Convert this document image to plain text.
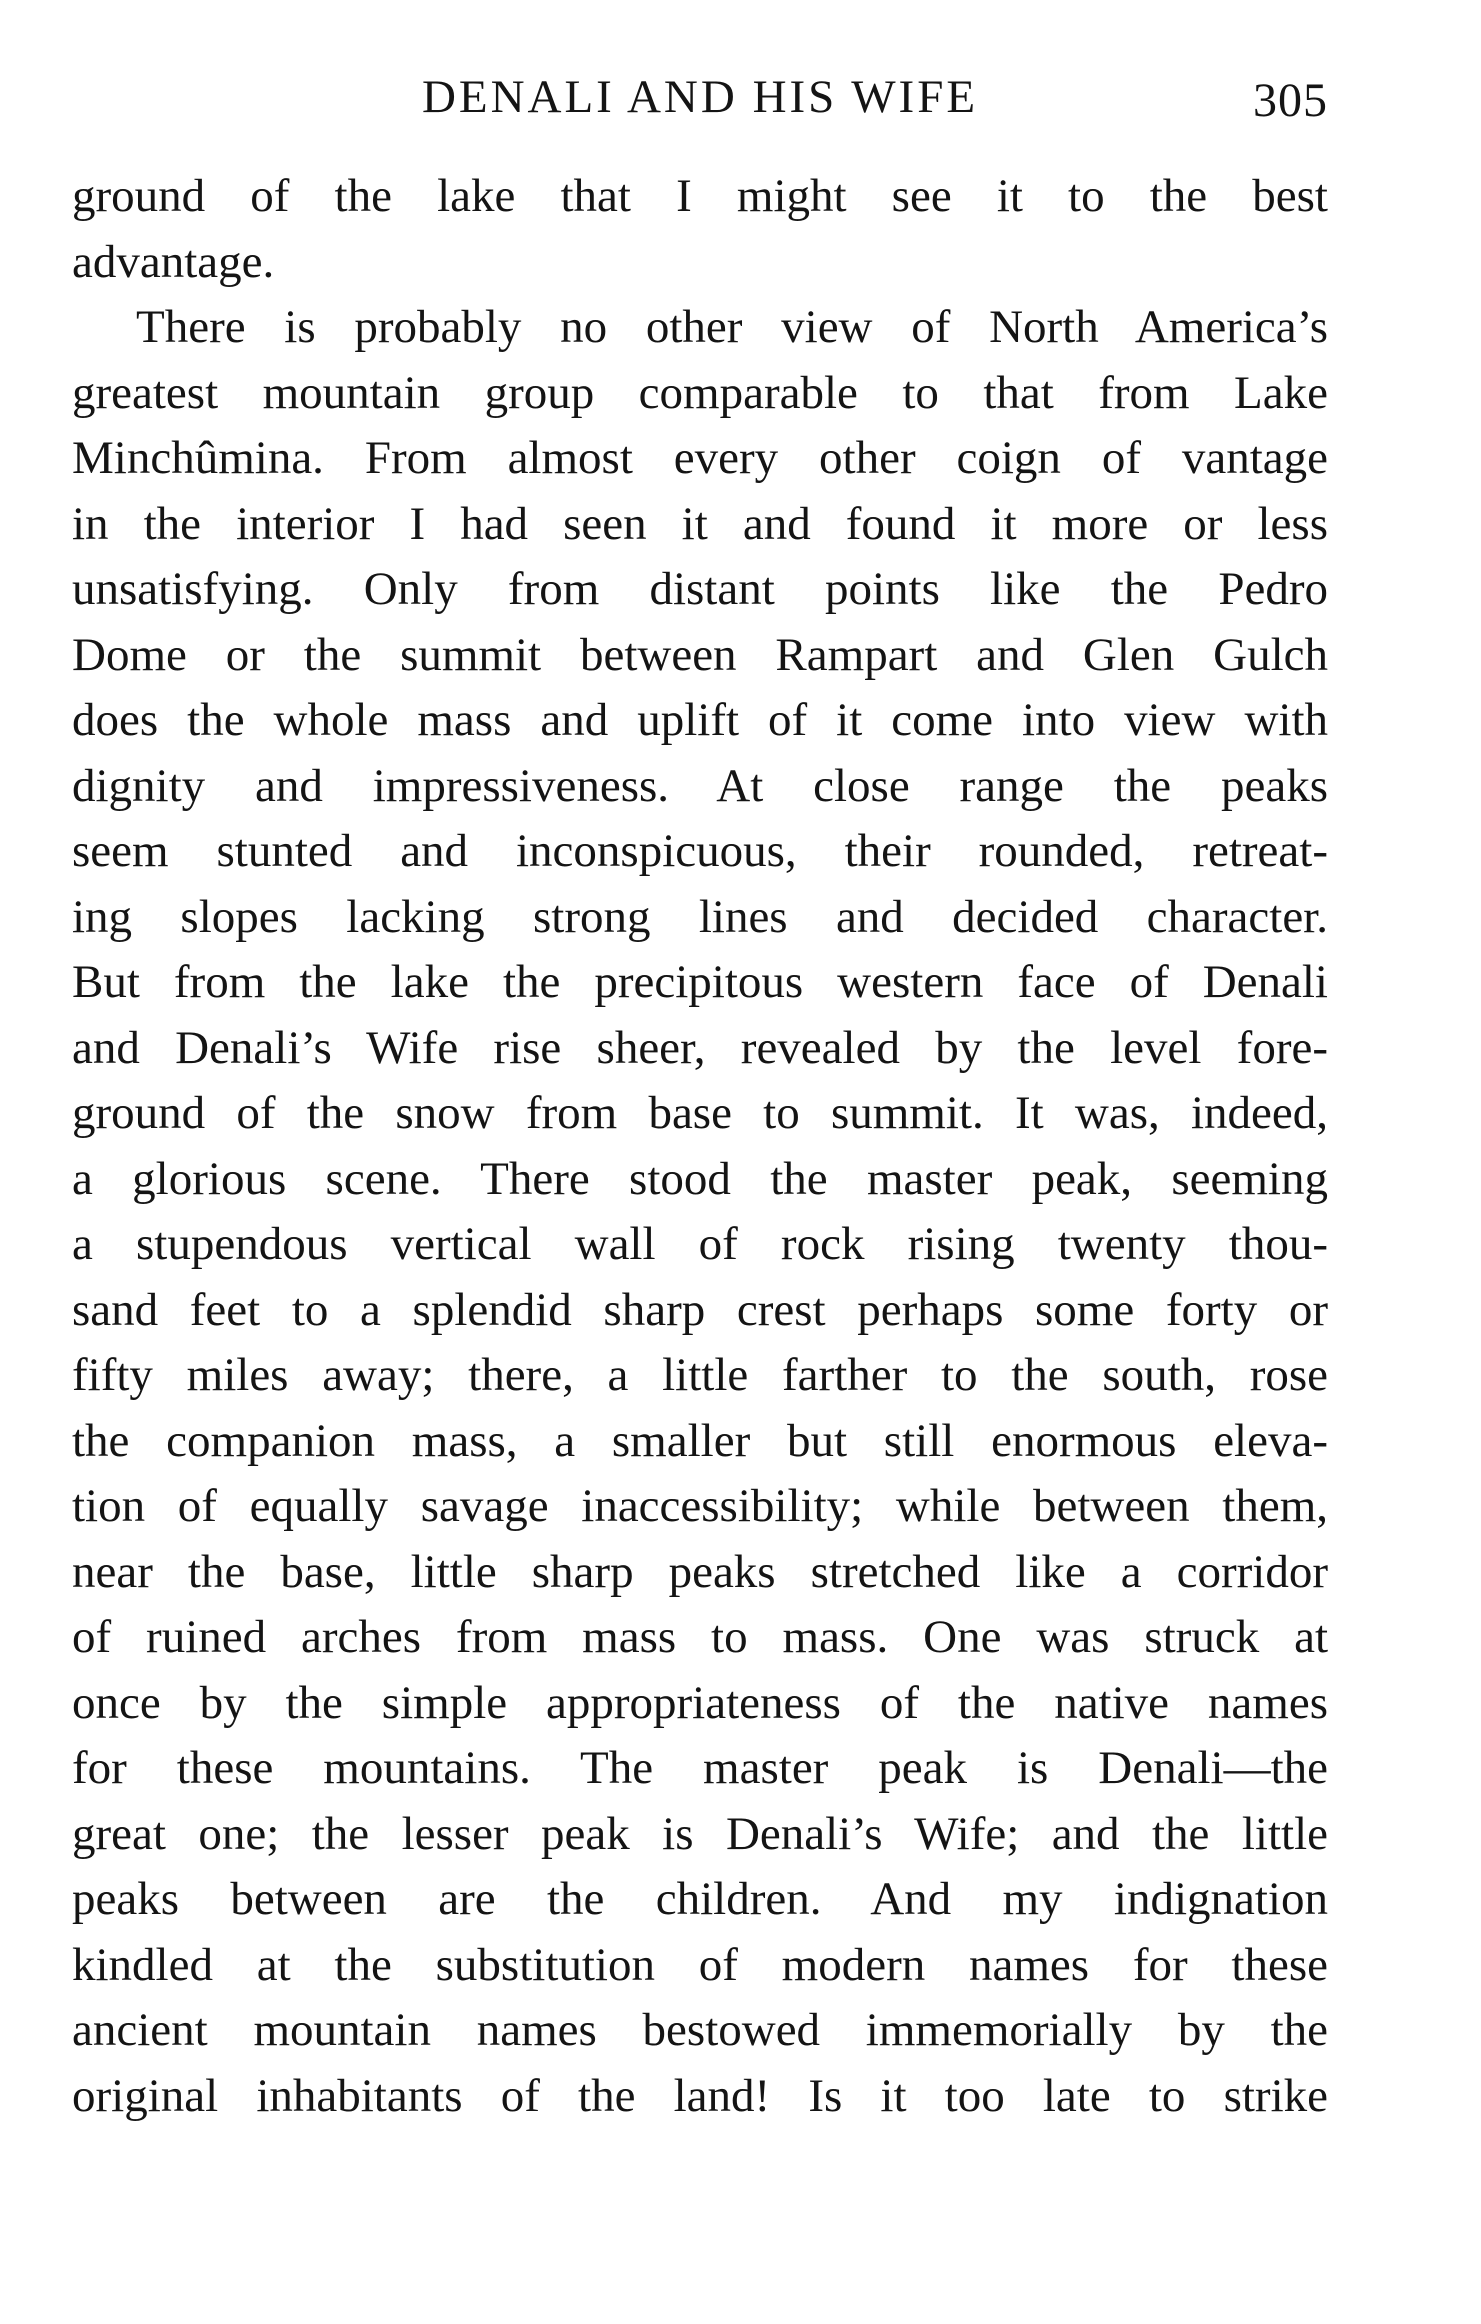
DENALI AND HIS WIFE	305
ground of the lake that I might see it to the best
advantage.
There is probably no other view of North America’s
greatest mountain group comparable to that from Lake
Minchûmina. From almost every other coign of vantage
in the interior I had seen it and found it more or less
unsatisfying. Only from distant points like the Pedro
Dome or the summit between Rampart and Glen Gulch
does the whole mass and uplift of it come into view with
dignity and impressiveness. At close range the peaks
seem stunted and inconspicuous, their rounded, retreat-
ing slopes lacking strong lines and decided character.
But from the lake the precipitous western face of Denali
and Denali’s Wife rise sheer, revealed by the level fore-
ground of the snow from base to summit. It was, indeed,
a glorious scene. There stood the master peak, seeming
a stupendous vertical wall of rock rising twenty thou-
sand feet to a splendid sharp crest perhaps some forty or
fifty miles away; there, a little farther to the south, rose
the companion mass, a smaller but still enormous eleva-
tion of equally savage inaccessibility; while between them,
near the base, little sharp peaks stretched like a corridor
of ruined arches from mass to mass. One was struck at
once by the simple appropriateness of the native names
for these mountains. The master peak is Denali—the
great one; the lesser peak is Denali’s Wife; and the little
peaks between are the children. And my indignation
kindled at the substitution of modern names for these
ancient mountain names bestowed immemorially by the
original inhabitants of the land! Is it too late to strike
